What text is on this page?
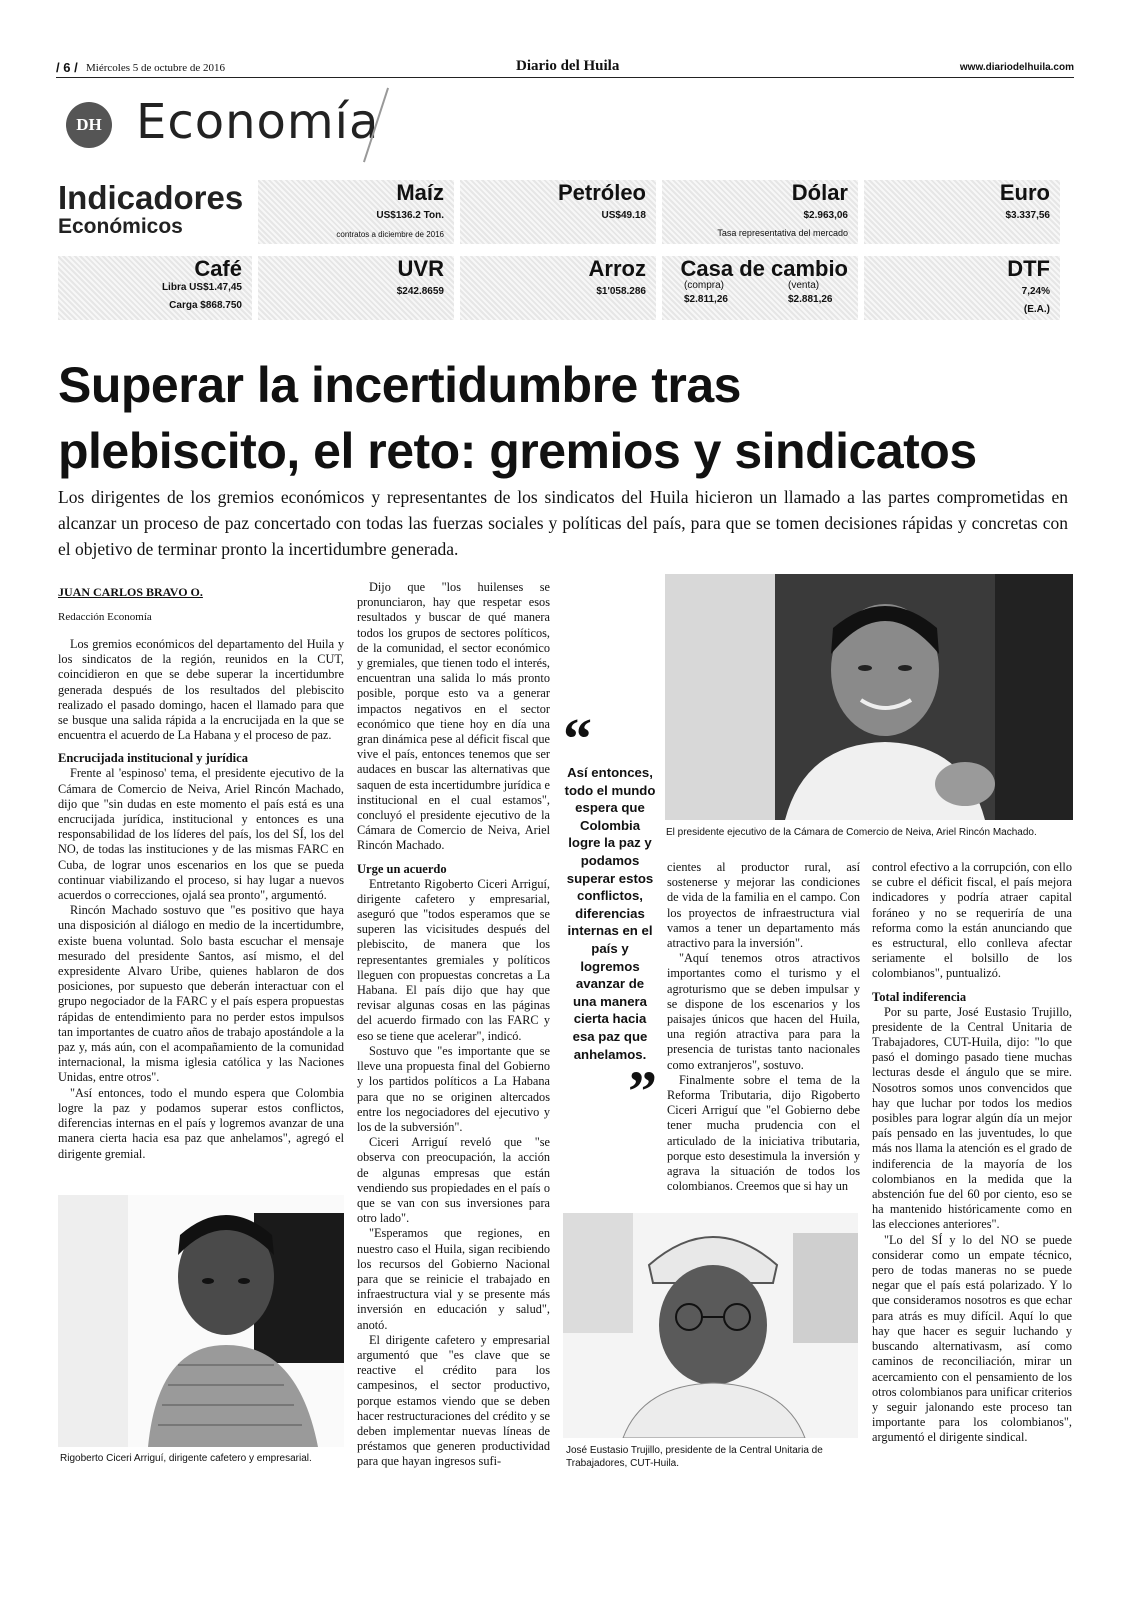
/ 6 / Miércoles 5 de octubre de 2016	Diario del Huila	www.diariodelhuila.com
DH Economía
Indicadores
Económicos
Maíz
US$136.2 Ton.
contratos a diciembre de 2016
Petróleo
US$49.18
Dólar
$2.963,06
Tasa representativa del mercado
Euro
$3.337,56
Café
Libra US$1.47,45
Carga $868.750
UVR
$242.8659
Arroz
$1'058.286
Casa de cambio
(compra)
$2.811,26
(venta)
$2.881,26
DTF
7,24%
(E.A.)
Superar la incertidumbre tras
plebiscito, el reto: gremios y sindicatos
Los dirigentes de los gremios económicos y representantes de los sindicatos del Huila hicieron un llamado a las partes comprometidas en alcanzar un proceso de paz concertado con todas las fuerzas sociales y políticas del país, para que se tomen decisiones rápidas y concretas con el objetivo de terminar pronto la incertidumbre generada.
JUAN CARLOS BRAVO O.
Redacción Economía

Los gremios económicos del departamento del Huila y los sindicatos de la región, reunidos en la CUT, coincidieron en que se debe superar la incertidumbre generada después de los resultados del plebiscito realizado el pasado domingo, hacen el llamado para que se busque una salida rápida a la encrucijada en la que se encuentra el acuerdo de La Habana y el proceso de paz.

Encrucijada institucional y jurídica

Frente al 'espinoso' tema, el presidente ejecutivo de la Cámara de Comercio de Neiva, Ariel Rincón Machado, dijo que "sin dudas en este momento el país está es una encrucijada jurídica, institucional y entonces es una responsabilidad de los líderes del país, los del SÍ, los del NO, de todas las instituciones y de las mismas FARC en Cuba, de lograr unos escenarios en los que se pueda continuar viabilizando el proceso, si hay lugar a nuevos acuerdos o correcciones, ojalá sea pronto", argumentó.

Rincón Machado sostuvo que "es positivo que haya una disposición al diálogo en medio de la incertidumbre, existe buena voluntad. Solo basta escuchar el mensaje mesurado del presidente Santos, así mismo, el del expresidente Alvaro Uribe, quienes hablaron de dos posiciones, por supuesto que deberán interactuar con el grupo negociador de la FARC y el país espera propuestas rápidas de entendimiento para no perder estos impulsos tan importantes de cuatro años de trabajo apostándole a la paz y, más aún, con el acompañamiento de la comunidad internacional, la misma iglesia católica y las Naciones Unidas, entre otros".

"Así entonces, todo el mundo espera que Colombia logre la paz y podamos superar estos conflictos, diferencias internas en el país y logremos avanzar de una manera cierta hacia esa paz que anhelamos", agregó el dirigente gremial.

Rigoberto Ciceri Arriguí, dirigente cafetero y empresarial.

Dijo que "los huilenses se pronunciaron, hay que respetar esos resultados y buscar de qué manera todos los grupos de sectores políticos, de la comunidad, el sector económico y gremiales, que tienen todo el interés, encuentran una salida lo más pronto posible, porque esto va a generar impactos negativos en el sector económico que tiene hoy en día una gran dinámica pese al déficit fiscal que vive el país, entonces tenemos que ser audaces en buscar las alternativas que saquen de esta incertidumbre jurídica e institucional en el cual estamos", concluyó el presidente ejecutivo de la Cámara de Comercio de Neiva, Ariel Rincón Machado.

Urge un acuerdo

Entretanto Rigoberto Ciceri Arriguí, dirigente cafetero y empresarial, aseguró que "todos esperamos que se superen las vicisitudes después del plebiscito, de manera que los representantes gremiales y políticos lleguen con propuestas concretas a La Habana. El país dijo que hay que revisar algunas cosas en las páginas del acuerdo firmado con las FARC y eso se tiene que acelerar", indicó.

Sostuvo que "es importante que se lleve una propuesta final del Gobierno y los partidos políticos a La Habana para que no se originen altercados entre los negociadores del ejecutivo y los de la subversión".

Ciceri Arriguí reveló que "se observa con preocupación, la acción de algunas empresas que están vendiendo sus propiedades en el país o que se van con sus inversiones para otro lado".

"Esperamos que regiones, en nuestro caso el Huila, sigan recibiendo los recursos del Gobierno Nacional para que se reinicie el trabajado en infraestructura vial y se presente más inversión en educación y salud", anotó.

El dirigente cafetero y empresarial argumentó que "es clave que se reactive el crédito para los campesinos, el sector productivo, porque estamos viendo que se deben hacer restructuraciones del crédito y se deben implementar nuevas líneas de préstamos que generen productividad para que hayan ingresos sufi-

“
Así entonces, todo el mundo espera que Colombia logre la paz y podamos superar estos conflictos, diferencias internas en el país y logremos avanzar de una manera cierta hacia esa paz que anhelamos.
”
El presidente ejecutivo de la Cámara de Comercio de Neiva, Ariel Rincón Machado.

cientes al productor rural, así sostenerse y mejorar las condiciones de vida de la familia en el campo. Con los proyectos de infraestructura vial vamos a tener un departamento más atractivo para la inversión".

"Aquí tenemos otros atractivos importantes como el turismo y el agroturismo que se deben impulsar y se dispone de los escenarios y los paisajes únicos que hacen del Huila, una región atractiva para para la presencia de turistas tanto nacionales como extranjeros", sostuvo.

Finalmente sobre el tema de la Reforma Tributaria, dijo Rigoberto Ciceri Arriguí que "el Gobierno debe tener mucha prudencia con el articulado de la iniciativa tributaria, porque esto desestimula la inversión y agrava la situación de todos los colombianos. Creemos que si hay un

José Eustasio Trujillo, presidente de la Central Unitaria de Trabajadores, CUT-Huila.

control efectivo a la corrupción, con ello se cubre el déficit fiscal, el país mejora indicadores y podría atraer capital foráneo y no se requeriría de una reforma como la están anunciando que es estructural, ello conlleva afectar seriamente el bolsillo de los colombianos", puntualizó.

Total indiferencia

Por su parte, José Eustasio Trujillo, presidente de la Central Unitaria de Trabajadores, CUT-Huila, dijo: "lo que pasó el domingo pasado tiene muchas lecturas desde el ángulo que se mire. Nosotros somos unos convencidos que hay que luchar por todos los medios posibles para lograr algún día un mejor país pensado en las juventudes, lo que más nos llama la atención es el grado de indiferencia de la mayoría de los colombianos en la medida que la abstención fue del 60 por ciento, eso se ha mantenido históricamente como en las elecciones anteriores".

"Lo del SÍ y lo del NO se puede considerar como un empate técnico, pero de todas maneras no se puede negar que el país está polarizado. Y lo que consideramos nosotros es que echar para atrás es muy difícil. Aquí lo que hay que hacer es seguir luchando y buscando alternativasm, así como caminos de reconciliación, mirar un acercamiento con el pensamiento de los otros colombianos para unificar criterios y seguir jalonando este proceso tan importante para los colombianos", argumentó el dirigente sindical.
